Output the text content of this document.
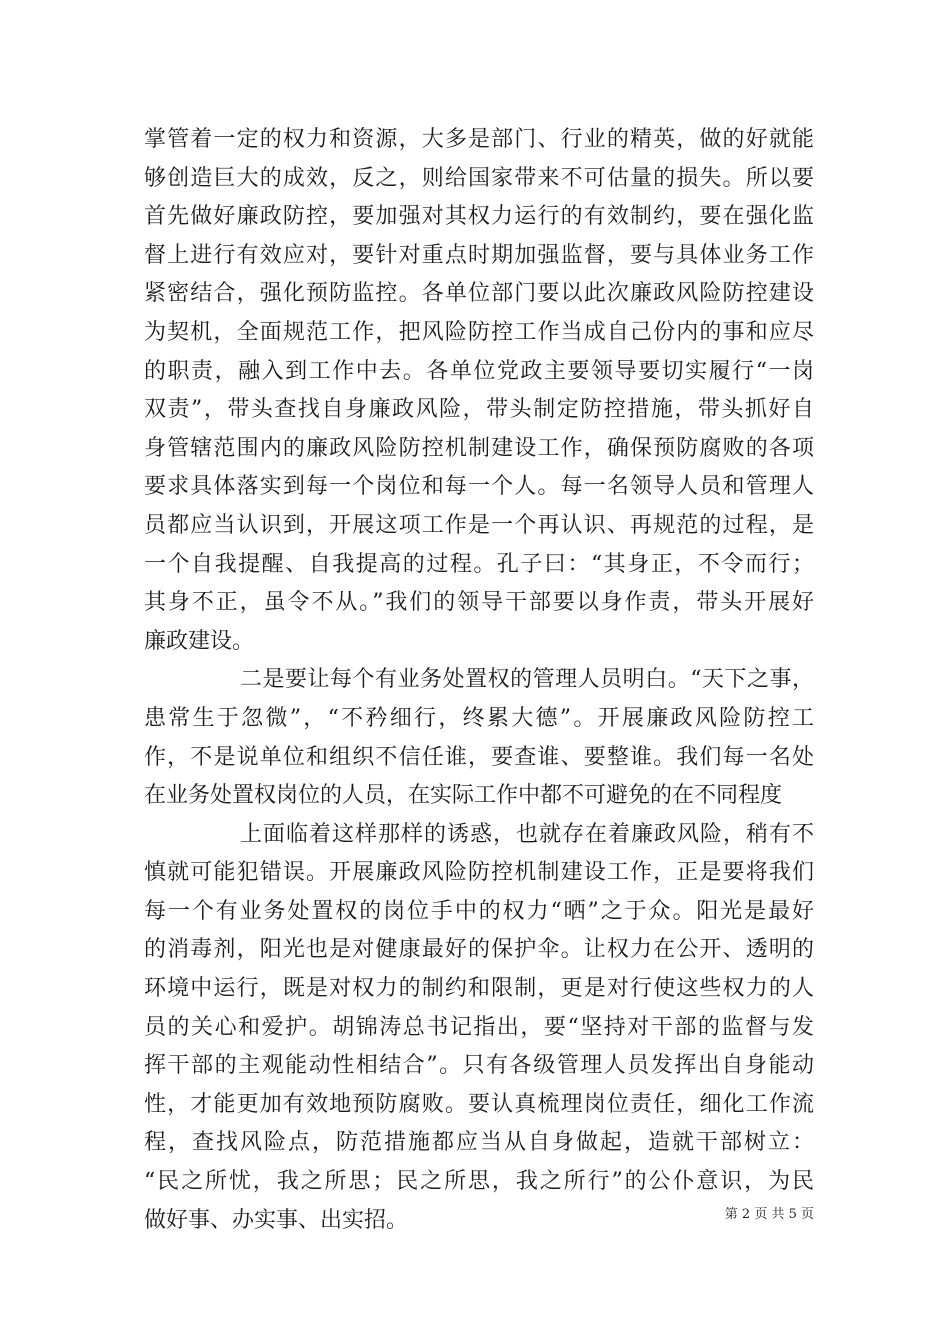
掌管着一定的权力和资源，大多是部门、行业的精英，做的好就能
够创造巨大的成效，反之，则给国家带来不可估量的损失。所以要
首先做好廉政防控，要加强对其权力运行的有效制约，要在强化监
督上进行有效应对，要针对重点时期加强监督，要与具体业务工作
紧密结合，强化预防监控。各单位部门要以此次廉政风险防控建设
为契机，全面规范工作，把风险防控工作当成自己份内的事和应尽
的职责，融入到工作中去。各单位党政主要领导要切实履行“一岗
双责”，带头查找自身廉政风险，带头制定防控措施，带头抓好自
身管辖范围内的廉政风险防控机制建设工作，确保预防腐败的各项
要求具体落实到每一个岗位和每一个人。每一名领导人员和管理人
员都应当认识到，开展这项工作是一个再认识、再规范的过程，是
一个自我提醒、自我提高的过程。孔子曰：“其身正，不令而行；
其身不正，虽令不从。”我们的领导干部要以身作责，带头开展好
廉政建设。
二是要让每个有业务处置权的管理人员明白。“天下之事，
患常生于忽微”，“不矜细行，终累大德”。开展廉政风险防控工
作，不是说单位和组织不信任谁，要查谁、要整谁。我们每一名处
在业务处置权岗位的人员，在实际工作中都不可避免的在不同程度
上面临着这样那样的诱惑，也就存在着廉政风险，稍有不
慎就可能犯错误。开展廉政风险防控机制建设工作，正是要将我们
每一个有业务处置权的岗位手中的权力“晒”之于众。阳光是最好
的消毒剂，阳光也是对健康最好的保护伞。让权力在公开、透明的
环境中运行，既是对权力的制约和限制，更是对行使这些权力的人
员的关心和爱护。胡锦涛总书记指出，要“坚持对干部的监督与发
挥干部的主观能动性相结合”。只有各级管理人员发挥出自身能动
性，才能更加有效地预防腐败。要认真梳理岗位责任，细化工作流
程，查找风险点，防范措施都应当从自身做起，造就干部树立：
“民之所忧，我之所思；民之所思，我之所行”的公仆意识，为民
做好事、办实事、出实招。	第 2 页 共 5 页
